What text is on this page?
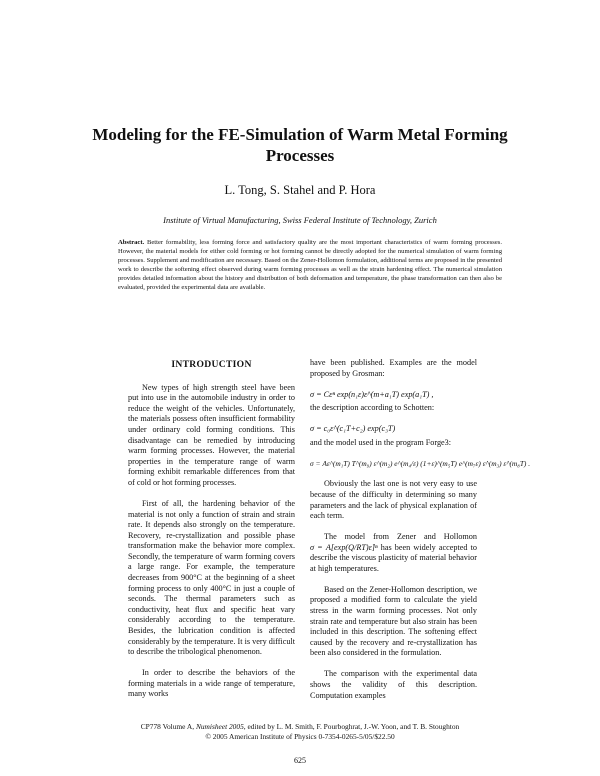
Modeling for the FE-Simulation of Warm Metal Forming
Processes
L. Tong, S. Stahel and P. Hora
Institute of Virtual Manufacturing, Swiss Federal Institute of Technology, Zurich
Abstract. Better formability, less forming force and satisfactory quality are the most important characteristics of warm forming processes. However, the material models for either cold forming or hot forming cannot be directly adopted for the numerical simulation of warm forming processes. Supplement and modification are necessary. Based on the Zener-Hollomon formulation, additional terms are proposed in the presented work to describe the softening effect observed during warm forming processes as well as the strain hardening effect. The numerical simulation provides detailed information about the history and distribution of both deformation and temperature, the phase transformation can then also be evaluated, provided the experimental data are available.
INTRODUCTION

New types of high strength steel have been put into use in the automobile industry in order to reduce the weight of the vehicles. Unfortunately, the materials possess often insufficient formability under ordinary cold forming conditions. This disadvantage can be remedied by introducing warm forming processes. However, the material properties in the temperature range of warm forming exhibit remarkable differences from that of cold or hot forming processes.

First of all, the hardening behavior of the material is not only a function of strain and strain rate. It depends also strongly on the temperature. Recovery, re-crystallization and possible phase transformation make the behavior more complex. Secondly, the temperature of warm forming covers a large range. For example, the temperature decreases from 900°C at the beginning of a sheet forming process to only 400°C in just a couple of seconds. The thermal parameters such as conductivity, heat flux and specific heat vary considerably according to the temperature. Besides, the lubrication condition is affected considerably by the temperature. It is very difficult to describe the tribological phenomenon.

In order to describe the behaviors of the forming materials in a wide range of temperature, many works

have been published. Examples are the model proposed by Grosman:

σ = Cεⁿ exp(n₁ε)ε̇^(m+a₁T) exp(a₁T) ,

the description according to Schotten:

σ = c₀ε̇^(c₁T+c₂) exp(c₃T)

and the model used in the program Forge3:

σ = Aε^(m₁T) T^(m₉) ε^(m₂) e^(m₄/ε) (1+ε)^(m₅T) e^(m₇ε) ε̇^(m₃) ε̇^(m₈T) .

Obviously the last one is not very easy to use because of the difficulty in determining so many parameters and the lack of physical explanation of each term.

The model from Zener and Hollomon σ = A[exp(Q/RT)ε̇]ⁿ has been widely accepted to describe the viscous plasticity of material behavior at high temperatures.

Based on the Zener-Hollomon description, we proposed a modified form to calculate the yield stress in the warm forming processes. Not only strain rate and temperature but also strain has been included in this description. The softening effect caused by the recovery and re-crystallization has been also considered in the formulation.

The comparison with the experimental data shows the validity of this description. Computation examples

CP778 Volume A, Numisheet 2005, edited by L. M. Smith, F. Pourboghrat, J.-W. Yoon, and T. B. Stoughton
© 2005 American Institute of Physics 0-7354-0265-5/05/$22.50
625
